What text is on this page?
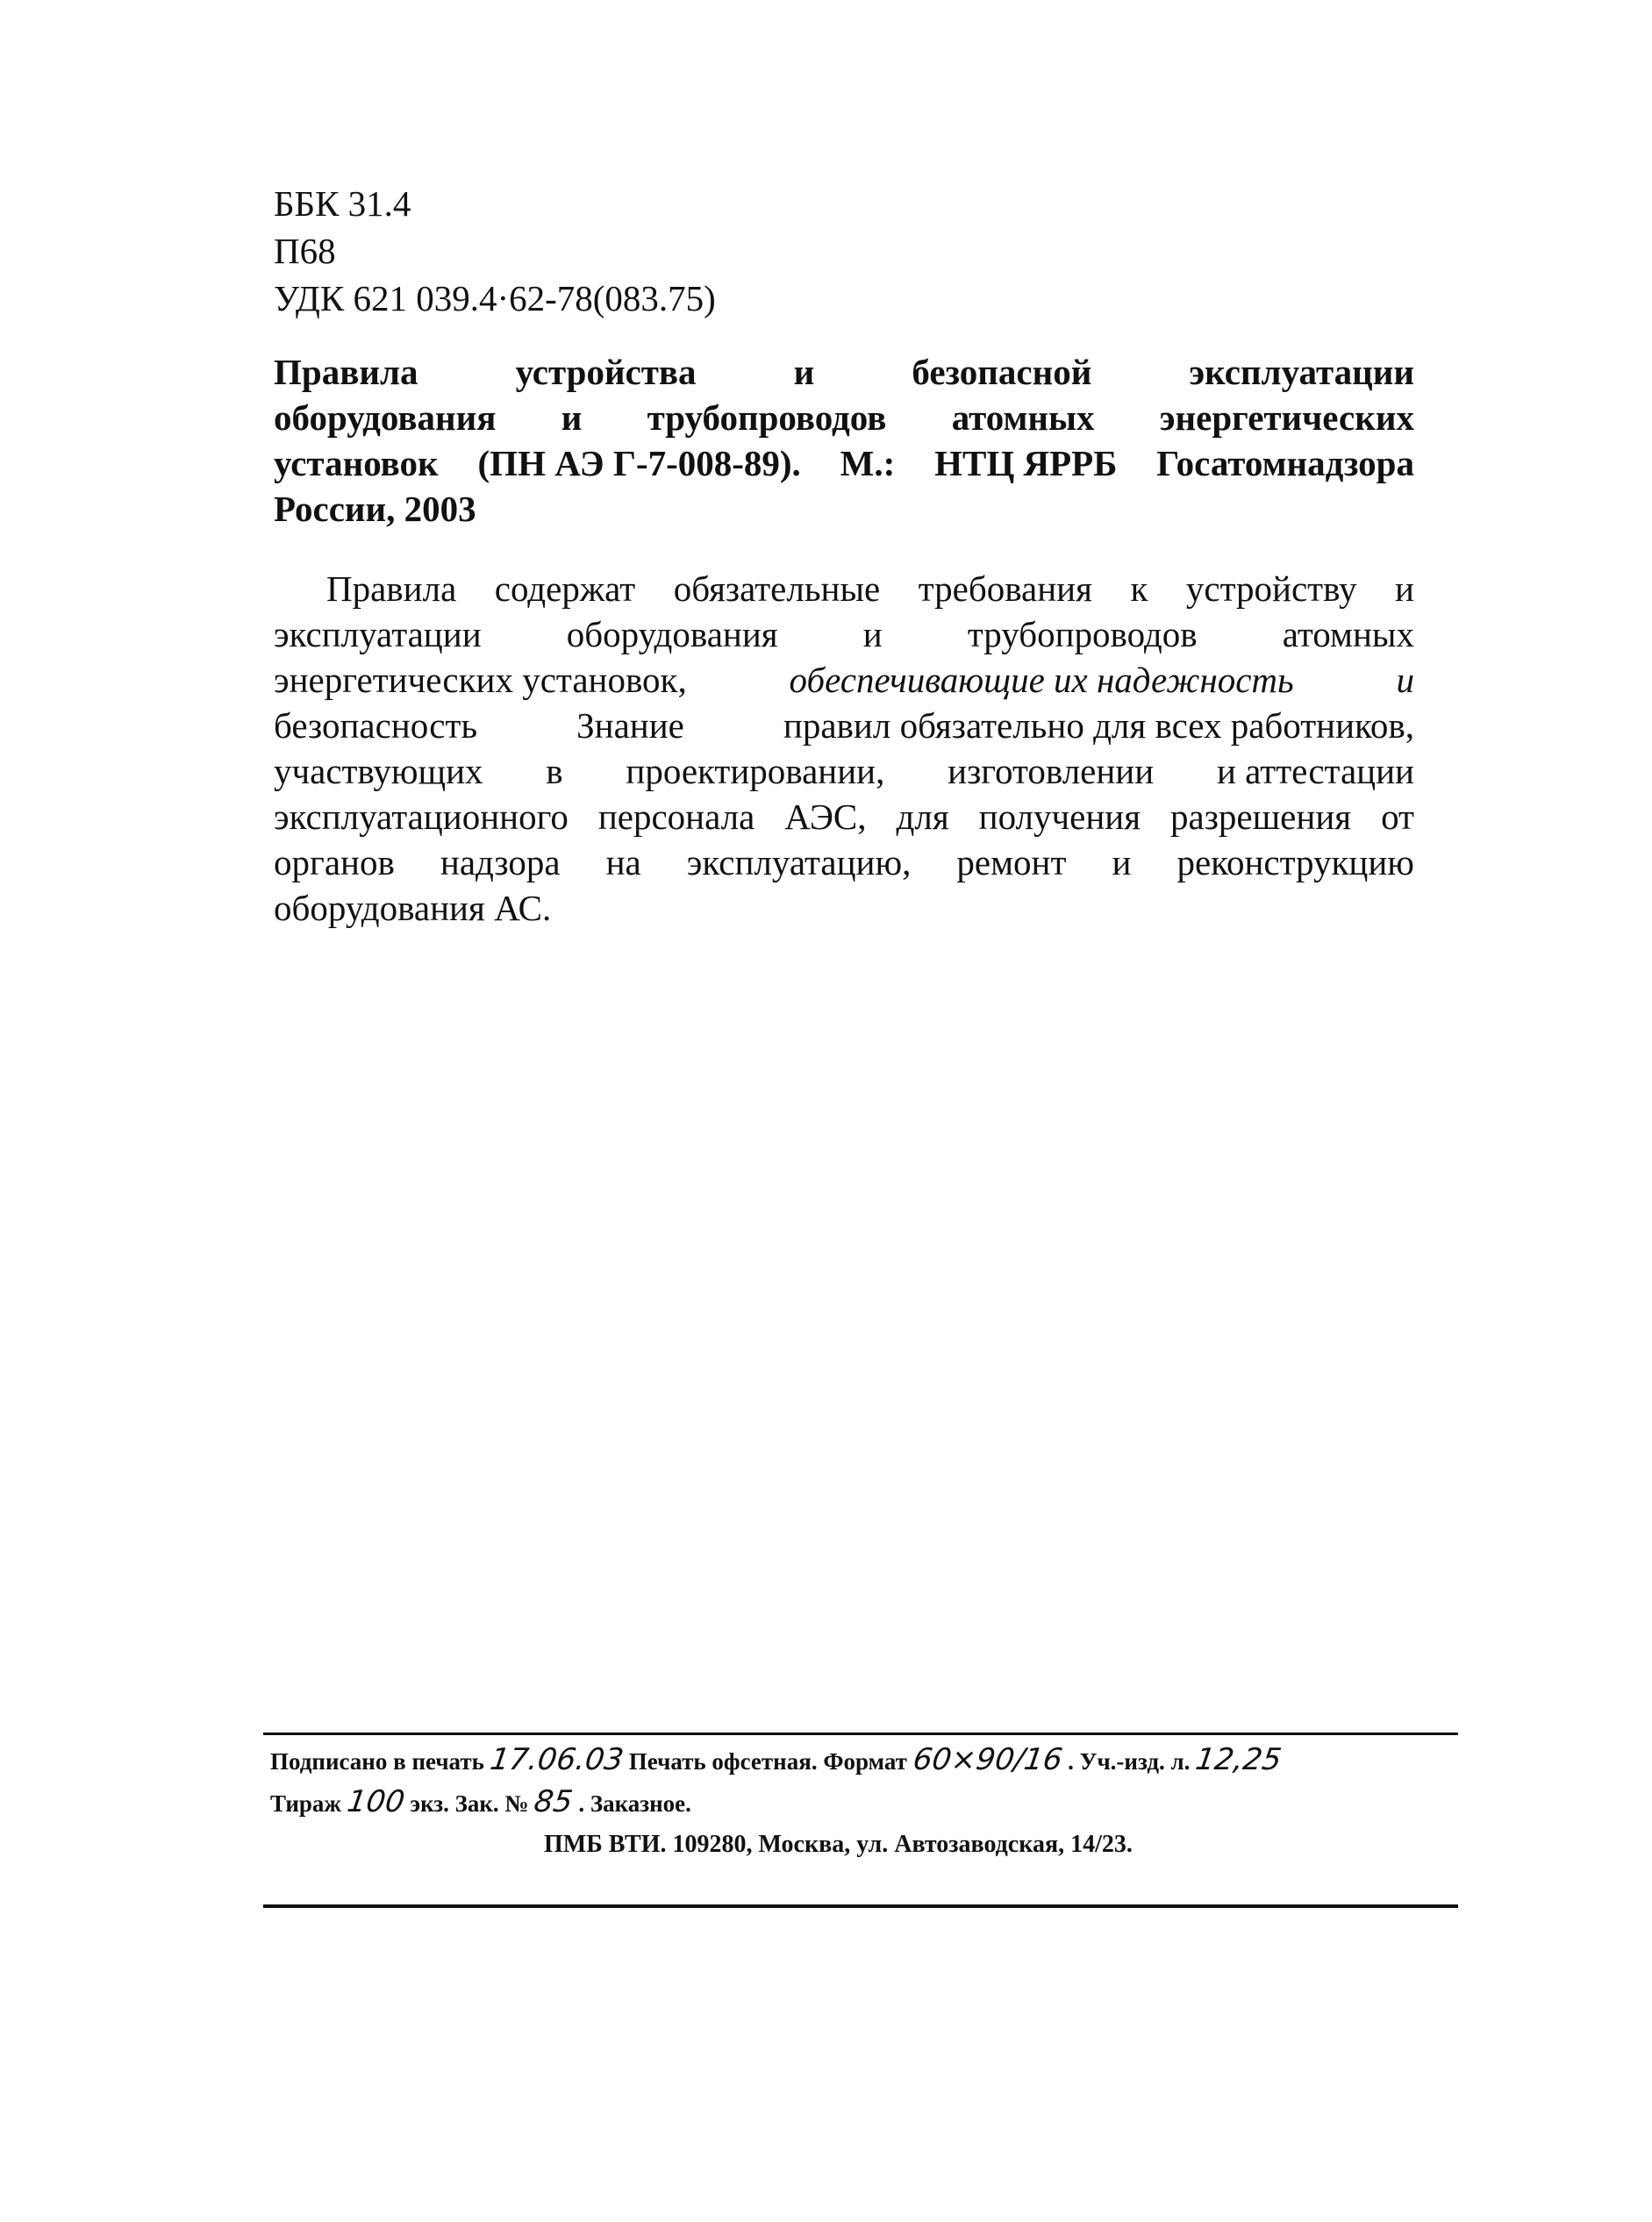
ББК 31.4
П68
УДК 621 039.4·62-78(083.75)
Правила	устройства	и	безопасной	эксплуатации
оборудования и трубопроводов атомных энергетических
установок (ПН АЭ Г-7-008-89). М.: НТЦ ЯРРБ Госатомнадзора
России, 2003
Правила содержат обязательные требования к устройству и
эксплуатации оборудования и трубопроводов атомных
энергетических установок,	обеспечивающие их надежность	и
безопасность	Знание	правил обязательно для всех работников,
участвующих в проектировании, изготовлении и аттестации
эксплуатационного персонала АЭС, для получения разрешения от
органов надзора на эксплуатацию, ремонт и реконструкцию
оборудования АС.
Подписано в печать 17.06.03 Печать офсетная. Формат 60×90/16 . Уч.-изд. л. 12,25
Тираж 100 экз. Зак. № 85 . Заказное.
ПМБ ВТИ. 109280, Москва, ул. Автозаводская, 14/23.
